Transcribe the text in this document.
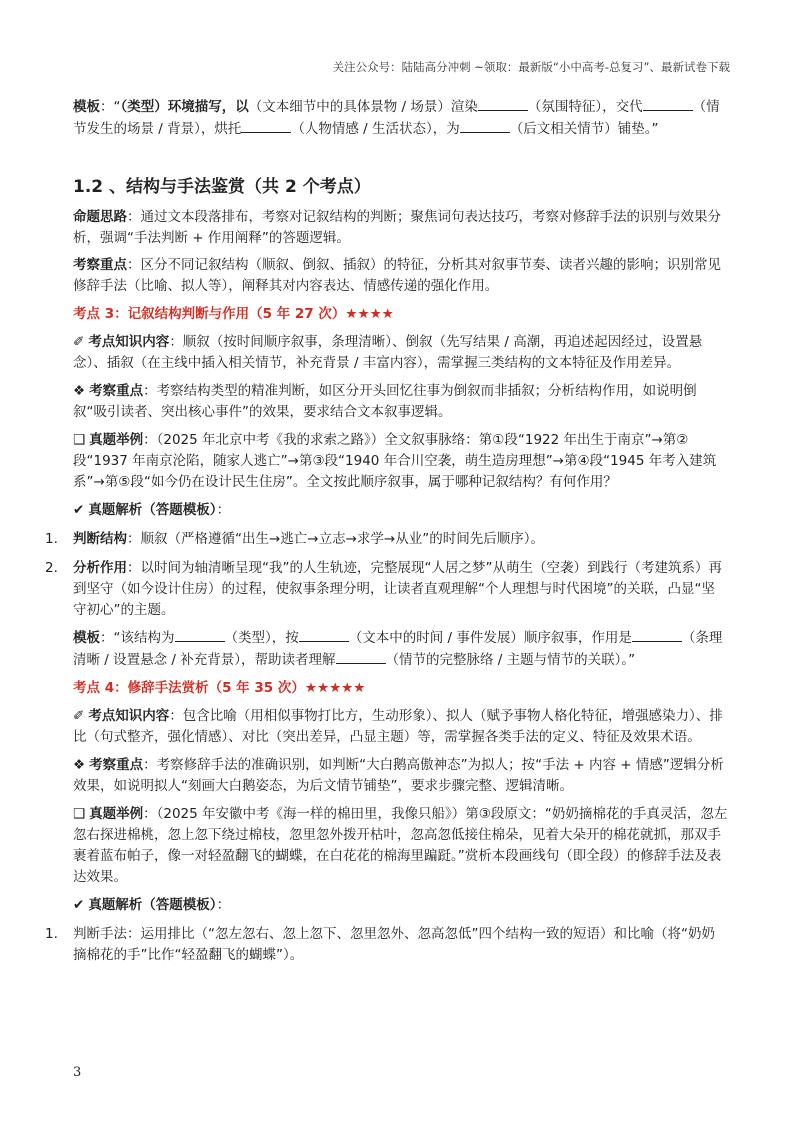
关注公众号：陆陆高分冲刺 ~领取：最新版“小中高考-总复习”、最新试卷下载

模板：“（类型）环境描写，以（文本细节中的具体景物 / 场景）渲染	（氛围特征），交代	（情节发生的场景 / 背景），烘托	（人物情感 / 生活状态），为	（后文相关情节）铺垫。”

1.2 、结构与手法鉴赏（共 2 个考点）

命题思路：通过文本段落排布，考察对记叙结构的判断；聚焦词句表达技巧，考察对修辞手法的识别与效果分析，强调“手法判断 + 作用阐释”的答题逻辑。

考察重点：区分不同记叙结构（顺叙、倒叙、插叙）的特征，分析其对叙事节奏、读者兴趣的影响；识别常见修辞手法（比喻、拟人等），阐释其对内容表达、情感传递的强化作用。

考点 3：记叙结构判断与作用（5 年 27 次）★★★★

✐ 考点知识内容：顺叙（按时间顺序叙事，条理清晰）、倒叙（先写结果 / 高潮，再追述起因经过，设置悬念）、插叙（在主线中插入相关情节，补充背景 / 丰富内容），需掌握三类结构的文本特征及作用差异。

❖ 考察重点：考察结构类型的精准判断，如区分开头回忆往事为倒叙而非插叙；分析结构作用，如说明倒叙“吸引读者、突出核心事件”的效果，要求结合文本叙事逻辑。

❑ 真题举例：（2025 年北京中考《我的求索之路》）全文叙事脉络：第①段“1922 年出生于南京”→第②段“1937 年南京沦陷，随家人逃亡”→第③段“1940 年合川空袭，萌生造房理想”→第④段“1945 年考入建筑系”→第⑤段“如今仍在设计民生住房”。全文按此顺序叙事，属于哪种记叙结构？有何作用？

✔ 真题解析（答题模板）：

1. 判断结构：顺叙（严格遵循“出生→逃亡→立志→求学→从业”的时间先后顺序）。

2. 分析作用：以时间为轴清晰呈现“我”的人生轨迹，完整展现“人居之梦”从萌生（空袭）到践行（考建筑系）再到坚守（如今设计住房）的过程，使叙事条理分明，让读者直观理解“个人理想与时代困境”的关联，凸显“坚守初心”的主题。

模板：“该结构为	（类型），按	（文本中的时间 / 事件发展）顺序叙事，作用是	（条理清晰 / 设置悬念 / 补充背景），帮助读者理解	（情节的完整脉络 / 主题与情节的关联）。”

考点 4：修辞手法赏析（5 年 35 次）★★★★★

✐ 考点知识内容：包含比喻（用相似事物打比方，生动形象）、拟人（赋予事物人格化特征，增强感染力）、排比（句式整齐，强化情感）、对比（突出差异，凸显主题）等，需掌握各类手法的定义、特征及效果术语。

❖ 考察重点：考察修辞手法的准确识别，如判断“大白鹅高傲神态”为拟人；按“手法 + 内容 + 情感”逻辑分析效果，如说明拟人“刻画大白鹅姿态，为后文情节铺垫”，要求步骤完整、逻辑清晰。

❑ 真题举例：（2025 年安徽中考《海一样的棉田里，我像只船》）第③段原文：“奶奶摘棉花的手真灵活，忽左忽右探进棉桃，忽上忽下绕过棉枝，忽里忽外拨开枯叶，忽高忽低接住棉朵，见着大朵开的棉花就抓，那双手裹着蓝布帕子，像一对轻盈翻飞的蝴蝶，在白花花的棉海里蹁跹。”赏析本段画线句（即全段）的修辞手法及表达效果。

✔ 真题解析（答题模板）：

1. 判断手法：运用排比（“忽左忽右、忽上忽下、忽里忽外、忽高忽低”四个结构一致的短语）和比喻（将“奶奶摘棉花的手”比作“轻盈翻飞的蝴蝶”）。

3
